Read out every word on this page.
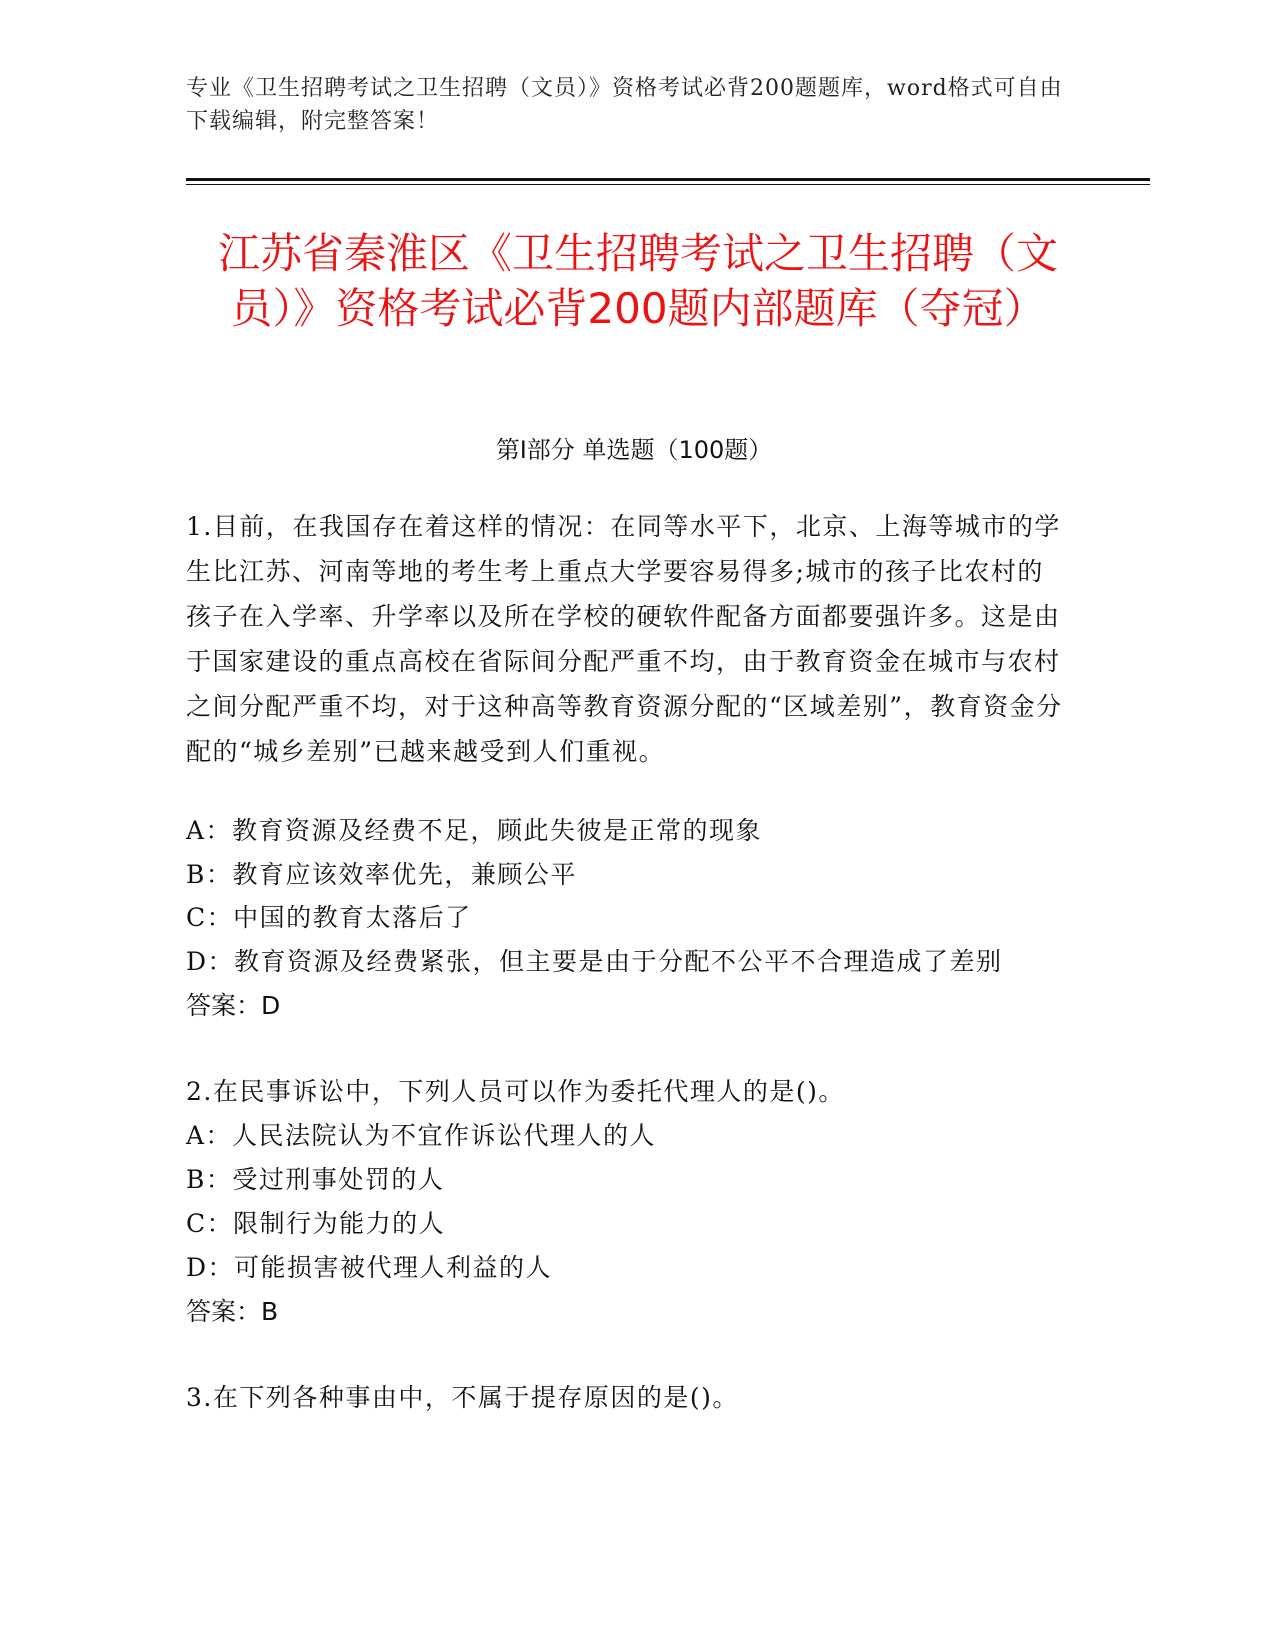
专业《卫生招聘考试之卫生招聘（文员）》资格考试必背200题题库，word格式可自由下载编辑，附完整答案！
江苏省秦淮区《卫生招聘考试之卫生招聘（文员）》资格考试必背200题内部题库（夺冠）
第Ⅰ部分 单选题（100题）
1.目前，在我国存在着这样的情况：在同等水平下，北京、上海等城市的学生比江苏、河南等地的考生考上重点大学要容易得多;城市的孩子比农村的孩子在入学率、升学率以及所在学校的硬软件配备方面都要强许多。这是由于国家建设的重点高校在省际间分配严重不均，由于教育资金在城市与农村之间分配严重不均，对于这种高等教育资源分配的“区域差别”，教育资金分配的“城乡差别”已越来越受到人们重视。
A：教育资源及经费不足，顾此失彼是正常的现象
B：教育应该效率优先，兼顾公平
C：中国的教育太落后了
D：教育资源及经费紧张，但主要是由于分配不公平不合理造成了差别
答案：D
2.在民事诉讼中，下列人员可以作为委托代理人的是()。
A：人民法院认为不宜作诉讼代理人的人
B：受过刑事处罚的人
C：限制行为能力的人
D：可能损害被代理人利益的人
答案：B
3.在下列各种事由中，不属于提存原因的是()。
